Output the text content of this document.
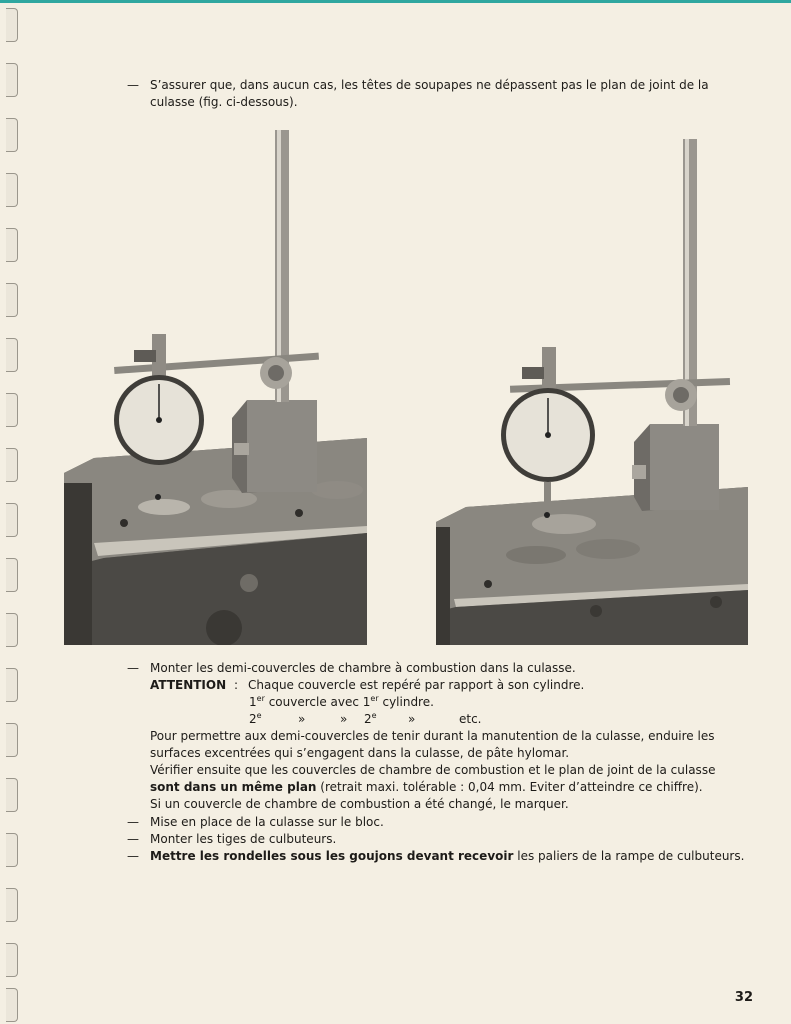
— S’assurer que, dans aucun cas, les têtes de soupapes ne dépassent pas le plan de joint de la
culasse (fig. ci-dessous).
— Monter les demi-couvercles de chambre à combustion dans la culasse.
ATTENTION : Chaque couvercle est repéré par rapport à son cylindre.
1er couvercle avec 1er cylindre.
2e	»	» 2e	»	etc.
Pour permettre aux demi-couvercles de tenir durant la manutention de la culasse, enduire les
surfaces excentrées qui s’engagent dans la culasse, de pâte hylomar.
Vérifier ensuite que les couvercles de chambre de combustion et le plan de joint de la culasse
sont dans un même plan (retrait maxi. tolérable : 0,04 mm. Eviter d’atteindre ce chiffre).
Si un couvercle de chambre de combustion a été changé, le marquer.
— Mise en place de la culasse sur le bloc.
— Monter les tiges de culbuteurs.
— Mettre les rondelles sous les goujons devant recevoir les paliers de la rampe de culbuteurs.
32
